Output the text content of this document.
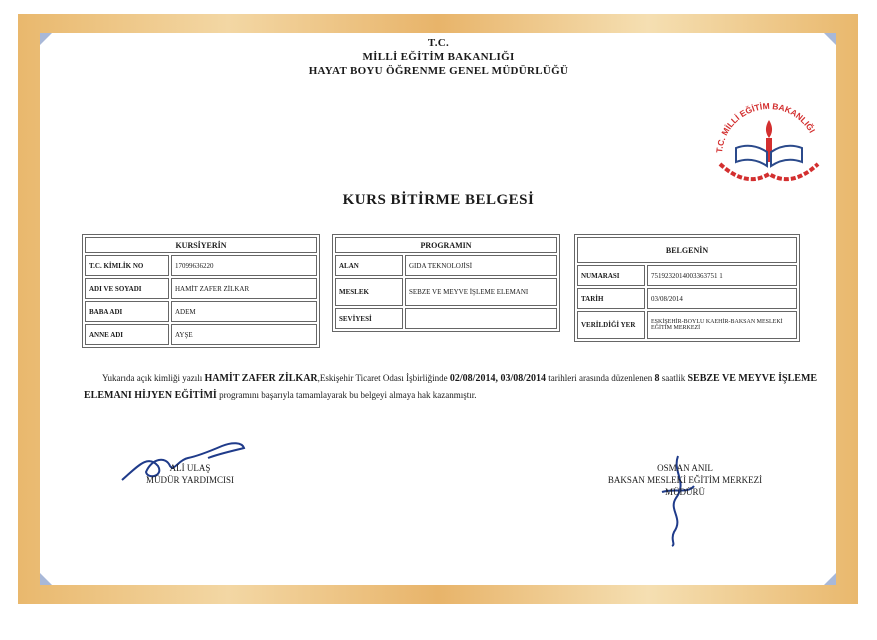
T.C.
MİLLİ EĞİTİM BAKANLIĞI
HAYAT BOYU ÖĞRENME GENEL MÜDÜRLÜĞÜ
T.C. MİLLİ EĞİTİM BAKANLIĞI
KURS BİTİRME BELGESİ
KURSİYERİN	
T.C. KİMLİK NO	17099636220
ADI VE SOYADI	HAMİT ZAFER ZİLKAR
BABA ADI	ADEM
ANNE ADI	AYŞE
PROGRAMIN	
ALAN	GIDA TEKNOLOJİSİ
MESLEK	SEBZE VE MEYVE İŞLEME ELEMANI
SEVİYESİ	
BELGENİN	
NUMARASI	7519232014003363751 1
TARİH	03/08/2014
VERİLDİĞİ YER	ESKİŞEHİR-BOYLU KAEHİR-BAKSAN MESLEKİ EĞİTİM MERKEZİ
Yukarıda açık kimliği yazılı HAMİT ZAFER ZİLKAR,Eskişehir Ticaret Odası İşbirliğinde 02/08/2014, 03/08/2014 tarihleri arasında düzenlenen 8 saatlik SEBZE VE MEYVE İŞLEME ELEMANI HİJYEN EĞİTİMİ programını başarıyla tamamlayarak bu belgeyi almaya hak kazanmıştır.
ALİ ULAŞ
MÜDÜR YARDIMCISI
OSMAN ANIL
BAKSAN MESLEKİ EĞİTİM MERKEZİ
MÜDÜRÜ
